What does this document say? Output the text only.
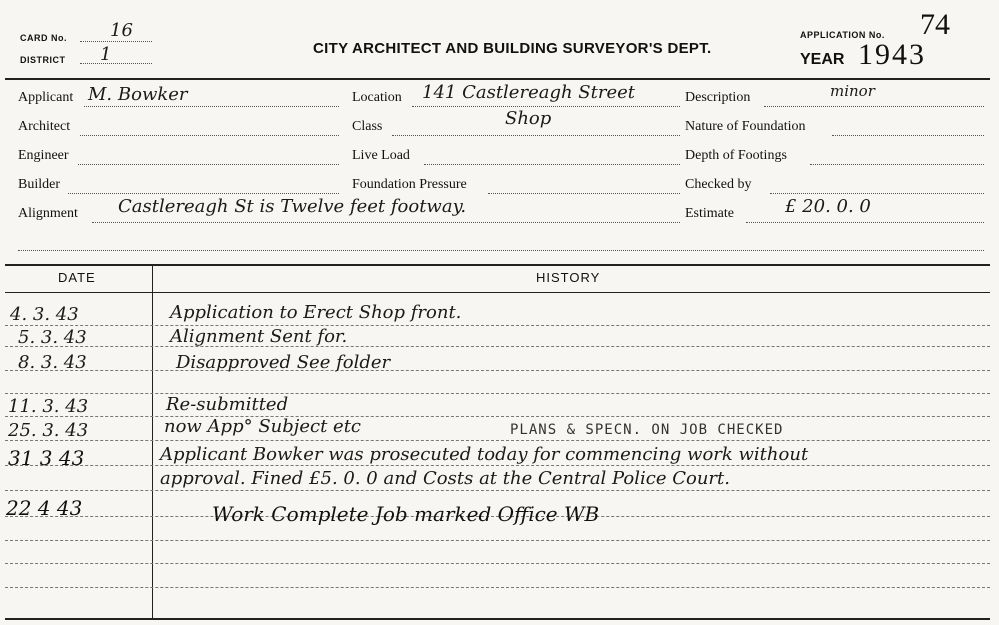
CARD No. 16
DISTRICT 1	CITY ARCHITECT AND BUILDING SURVEYOR'S DEPT.
APPLICATION No. 74
YEAR 1943
Applicant M. Bowker	Location 141 Castlereagh Street	Description	minor
Architect	Class	Shop	Nature of Foundation
Engineer	Live Load	Depth of Footings
Builder	Foundation Pressure	Checked by
Alignment Castlereagh St is Twelve feet footway.	Estimate	£ 20. 0. 0
DATE	HISTORY
4. 3. 43	Application to Erect Shop front.
5. 3. 43	Alignment Sent for.
8. 3. 43	Disapproved See folder
11. 3. 43	Re-submitted
25. 3. 43	now App° Subject etc	PLANS & SPECN. ON JOB CHECKED
31 3 43	Applicant Bowker was prosecuted today for commencing work without
approval. Fined £5. 0. 0 and Costs at the Central Police Court.
22 4 43	Work Complete Job marked Office WB
